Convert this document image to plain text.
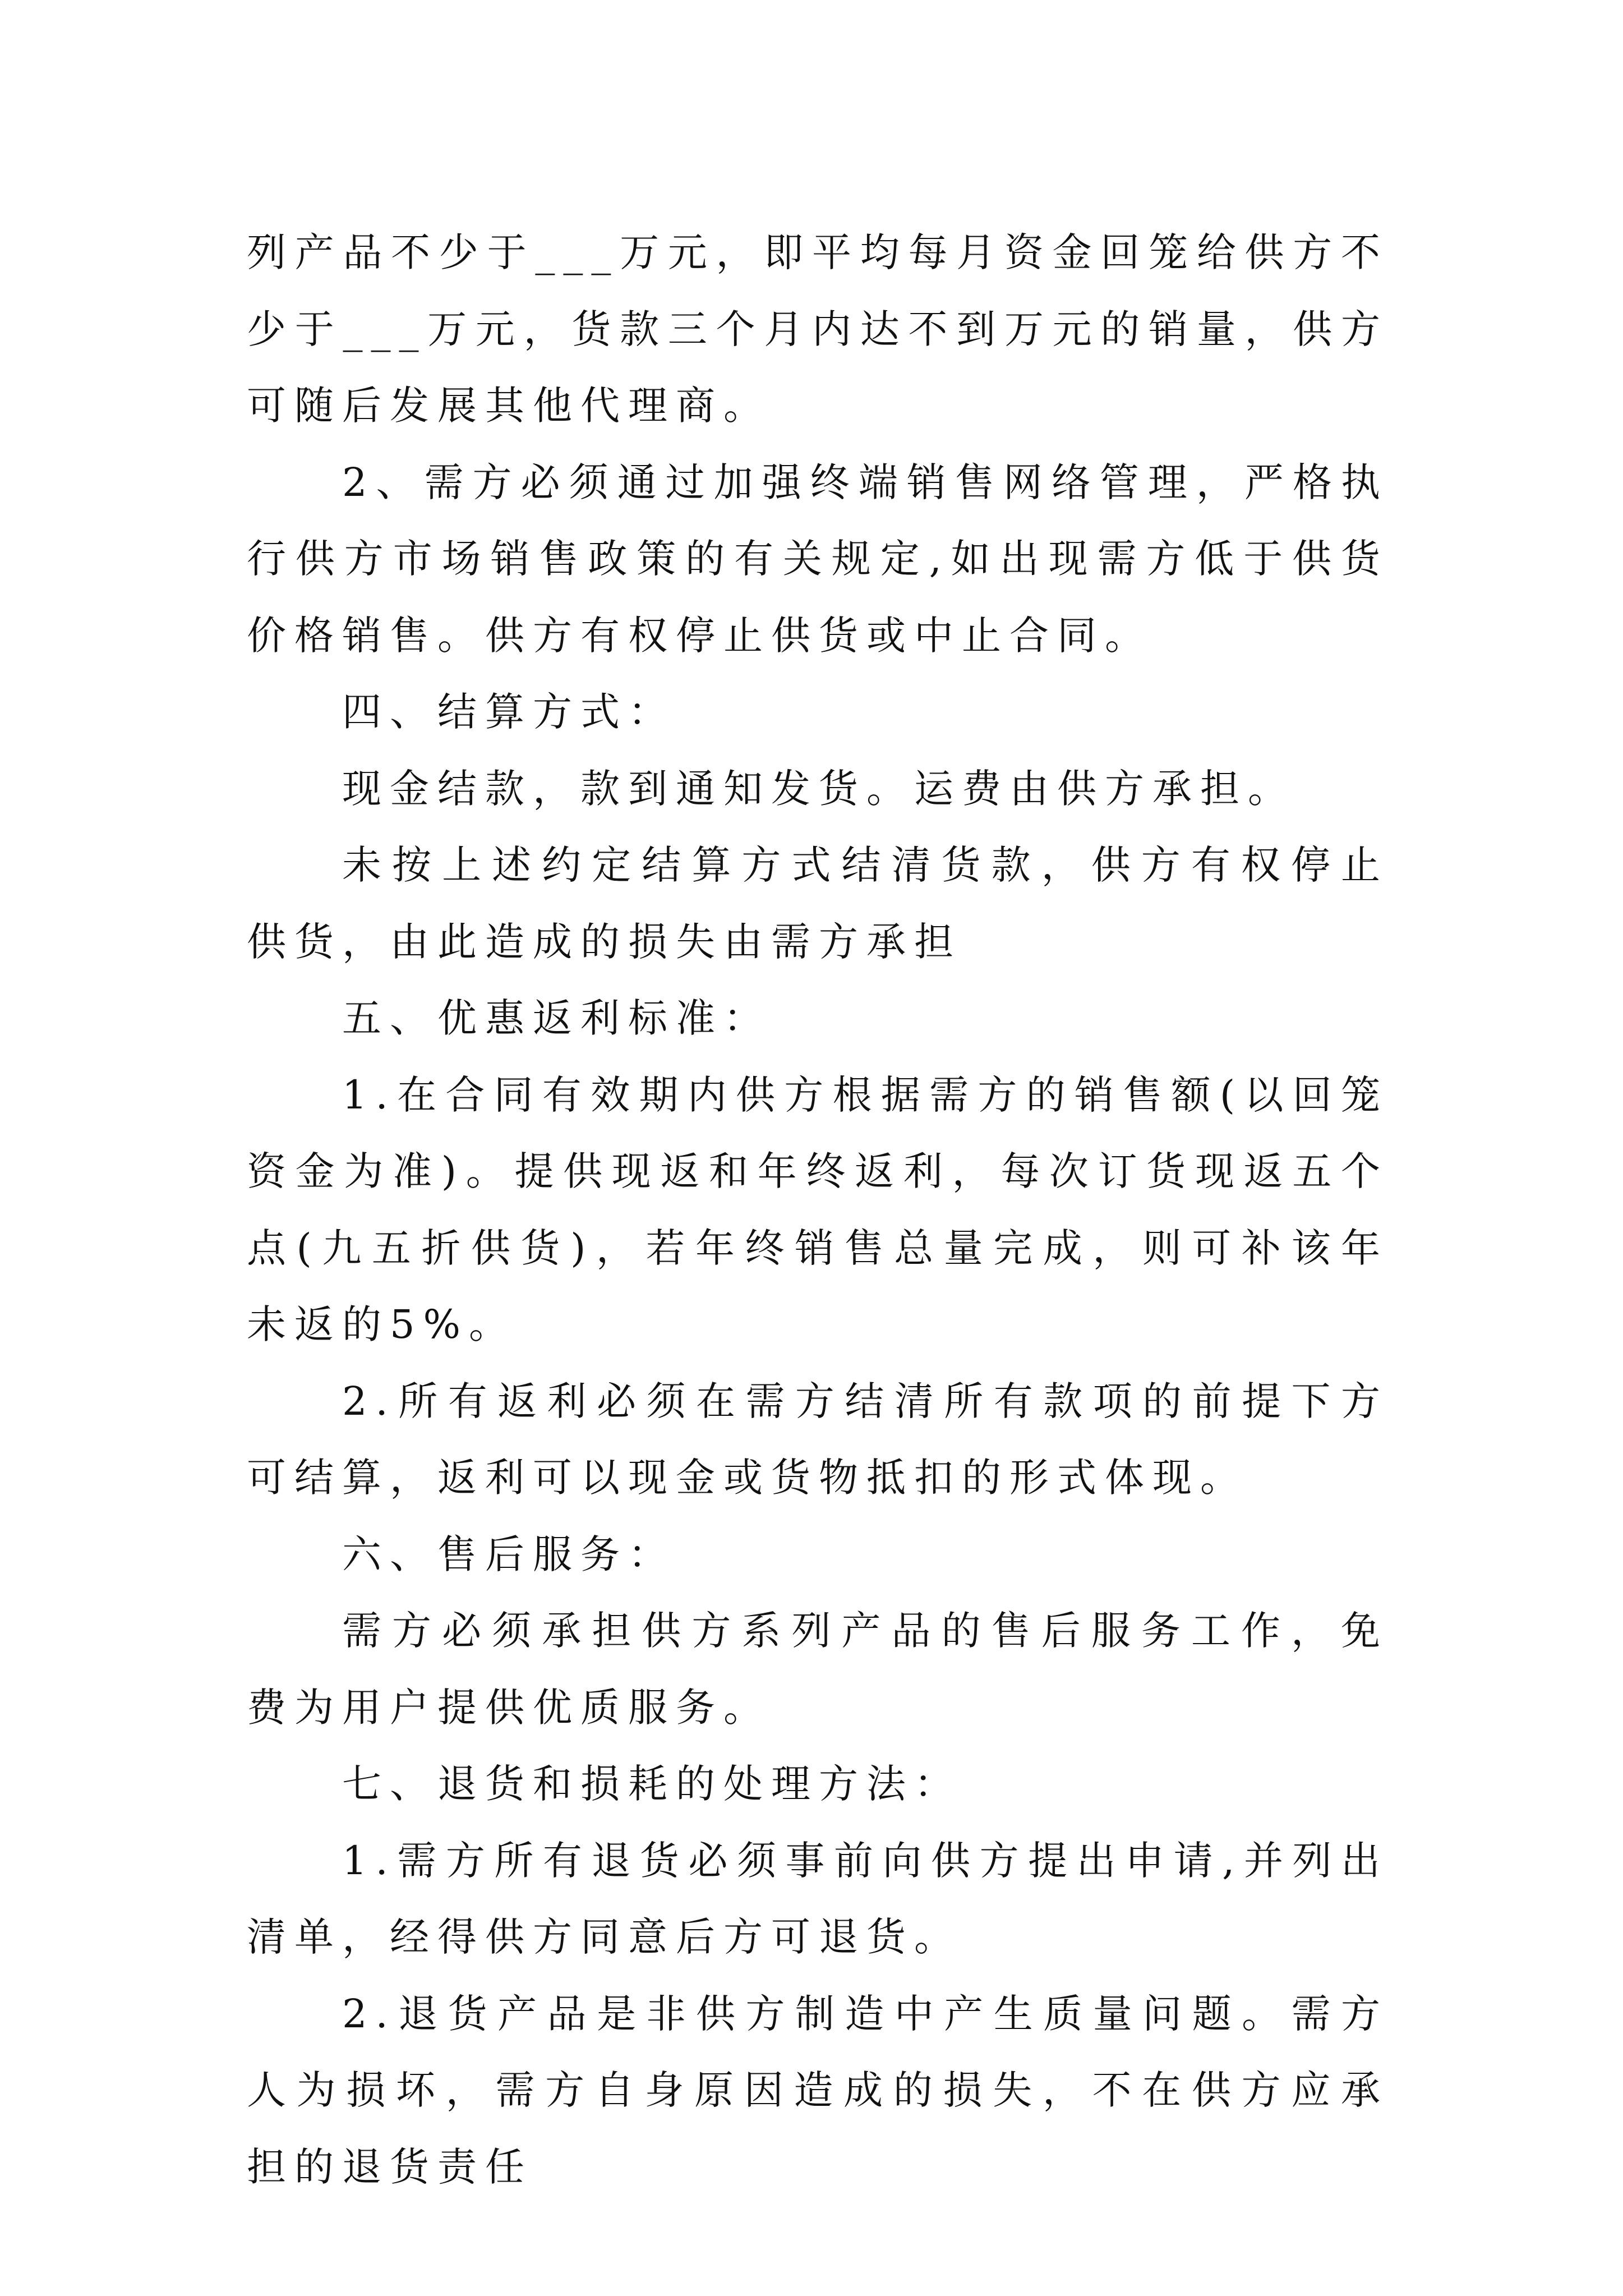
列产品不少于___万元，即平均每月资金回笼给供方不少于___万元，货款三个月内达不到万元的销量，供方可随后发展其他代理商。

2、需方必须通过加强终端销售网络管理，严格执行供方市场销售政策的有关规定,如出现需方低于供货价格销售。供方有权停止供货或中止合同。

四、结算方式：

现金结款，款到通知发货。运费由供方承担。

未按上述约定结算方式结清货款，供方有权停止供货，由此造成的损失由需方承担

五、优惠返利标准：

1.在合同有效期内供方根据需方的销售额(以回笼资金为准)。提供现返和年终返利，每次订货现返五个点(九五折供货)，若年终销售总量完成，则可补该年未返的5%。

2.所有返利必须在需方结清所有款项的前提下方可结算，返利可以现金或货物抵扣的形式体现。

六、售后服务：

需方必须承担供方系列产品的售后服务工作，免费为用户提供优质服务。

七、退货和损耗的处理方法：

1.需方所有退货必须事前向供方提出申请,并列出清单，经得供方同意后方可退货。

2.退货产品是非供方制造中产生质量问题。需方人为损坏，需方自身原因造成的损失，不在供方应承担的退货责任
